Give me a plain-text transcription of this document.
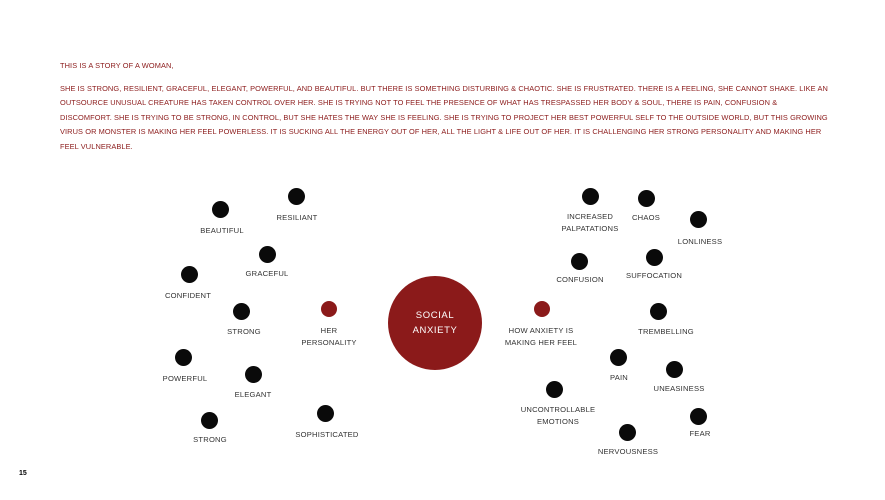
THIS IS A STORY OF A WOMAN,

SHE IS STRONG, RESILIENT, GRACEFUL, ELEGANT, POWERFUL, AND BEAUTIFUL. BUT THERE IS SOMETHING DISTURBING & CHAOTIC. SHE IS FRUSTRATED. THERE IS A FEELING, SHE CANNOT SHAKE. LIKE AN OUTSOURCE UNUSUAL CREATURE HAS TAKEN CONTROL OVER HER. SHE IS TRYING NOT TO FEEL THE PRESENCE OF WHAT HAS TRESPASSED HER BODY & SOUL, THERE IS PAIN, CONFUSION & DISCOMFORT. SHE IS TRYING TO BE STRONG, IN CONTROL, BUT SHE HATES THE WAY SHE IS FEELING. SHE IS TRYING TO PROJECT HER BEST POWERFUL SELF TO THE OUTSIDE WORLD, BUT THIS GROWING VIRUS OR MONSTER IS MAKING HER FEEL POWERLESS. IT IS SUCKING ALL THE ENERGY OUT OF HER, ALL THE LIGHT & LIFE OUT OF HER. IT IS CHALLENGING HER STRONG PERSONALITY AND MAKING HER FEEL VULNERABLE.

SOCIAL
ANXIETY
HER
PERSONALITY
HOW ANXIETY IS
MAKING HER FEEL
BEAUTIFUL
RESILIANT
GRACEFUL
CONFIDENT
STRONG
POWERFUL
ELEGANT
STRONG
SOPHISTICATED
INCREASED
PALPATATIONS
CHAOS
LONLINESS
CONFUSION	SUFFOCATION
TREMBELLING
PAIN
UNEASINESS
UNCONTROLLABLE
EMOTIONS
FEAR
NERVOUSNESS
15
